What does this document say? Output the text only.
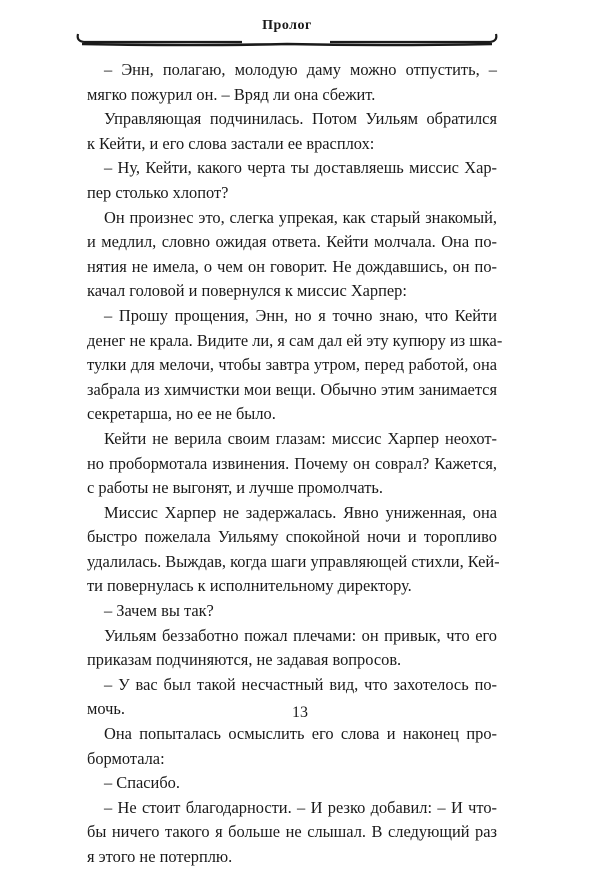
Пролог
– Энн, полагаю, молодую даму можно отпустить, –
мягко пожурил он. – Вряд ли она сбежит.
Управляющая подчинилась. Потом Уильям обратился
к Кейти, и его слова застали ее врасплох:
– Ну, Кейти, какого черта ты доставляешь миссис Хар-
пер столько хлопот?
Он произнес это, слегка упрекая, как старый знакомый,
и медлил, словно ожидая ответа. Кейти молчала. Она по-
нятия не имела, о чем он говорит. Не дождавшись, он по-
качал головой и повернулся к миссис Харпер:
– Прошу прощения, Энн, но я точно знаю, что Кейти
денег не крала. Видите ли, я сам дал ей эту купюру из шка-
тулки для мелочи, чтобы завтра утром, перед работой, она
забрала из химчистки мои вещи. Обычно этим занимается
секретарша, но ее не было.
Кейти не верила своим глазам: миссис Харпер неохот-
но пробормотала извинения. Почему он соврал? Кажется,
с работы не выгонят, и лучше промолчать.
Миссис Харпер не задержалась. Явно униженная, она
быстро пожелала Уильяму спокойной ночи и торопливо
удалилась. Выждав, когда шаги управляющей стихли, Кей-
ти повернулась к исполнительному директору.
– Зачем вы так?
Уильям беззаботно пожал плечами: он привык, что его
приказам подчиняются, не задавая вопросов.
– У вас был такой несчастный вид, что захотелось по-
мочь.
Она попыталась осмыслить его слова и наконец про-
бормотала:
– Спасибо.
– Не стоит благодарности. – И резко добавил: – И что-
бы ничего такого я больше не слышал. В следующий раз
я этого не потерплю.
13
